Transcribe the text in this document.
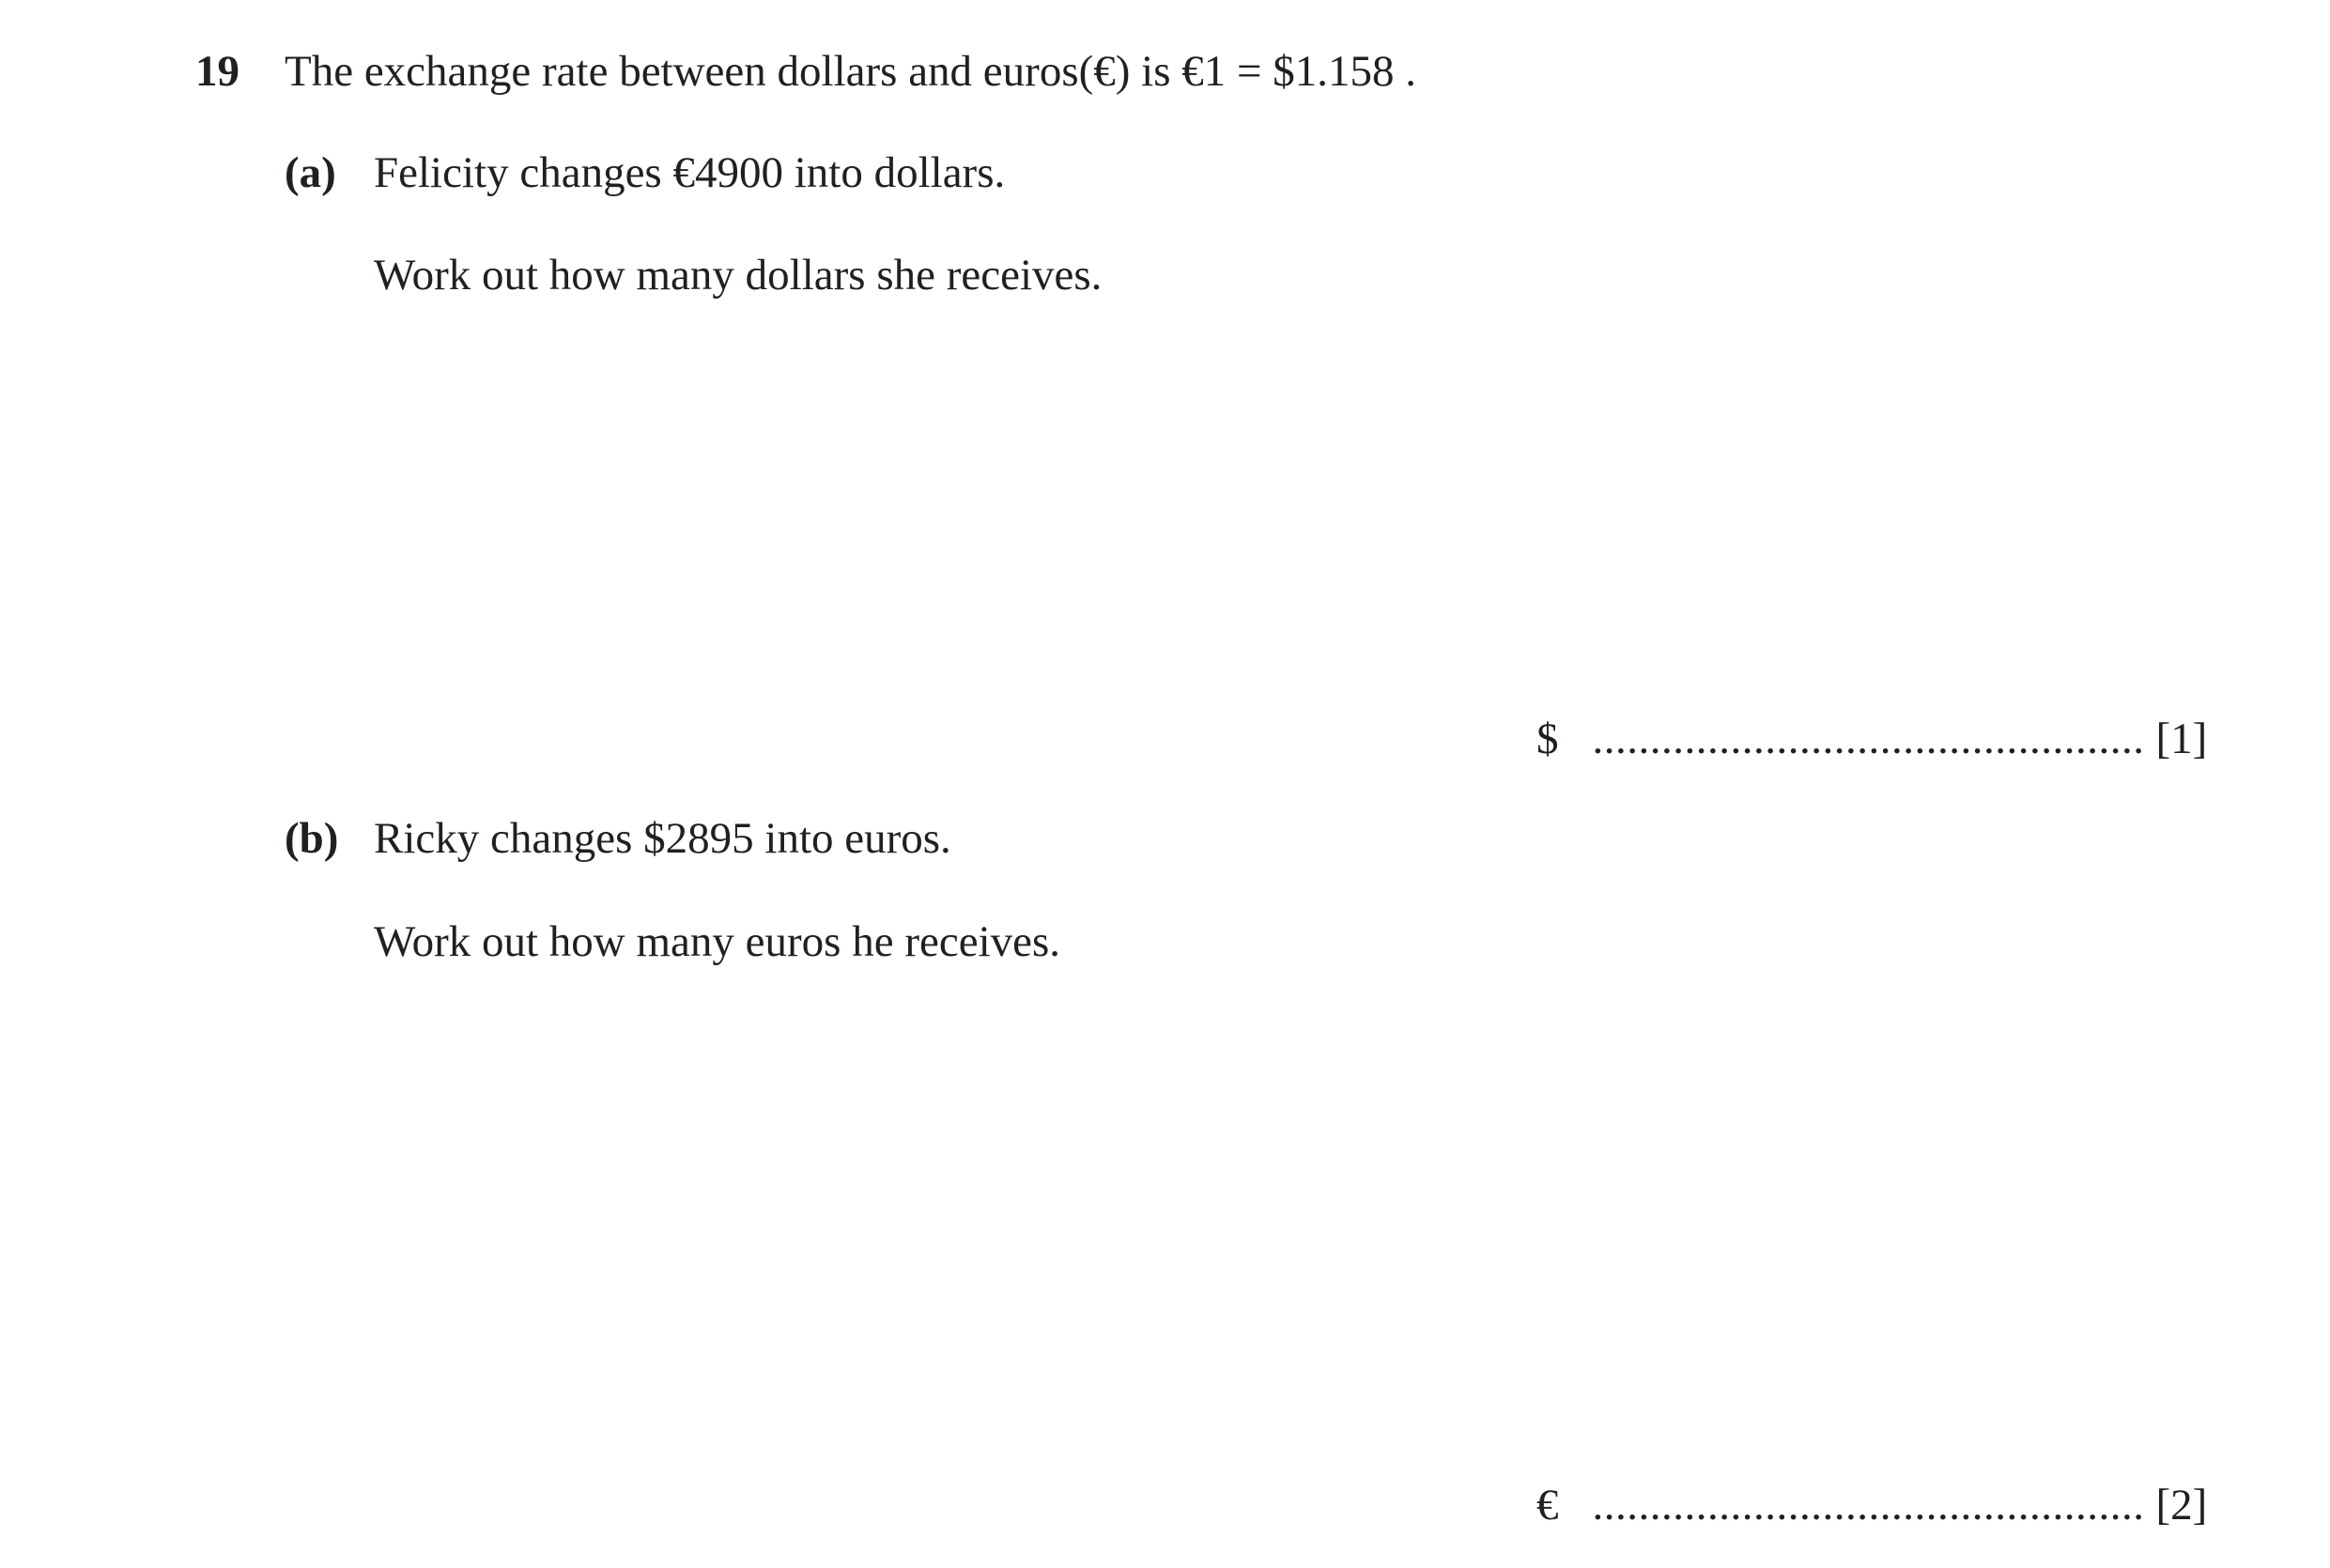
19 The exchange rate between dollars and euros(€) is €1 = $1.158 .
(a) Felicity changes €4900 into dollars.
Work out how many dollars she receives.
$ ................................................ [1]
(b) Ricky changes $2895 into euros.
Work out how many euros he receives.
€ ................................................ [2]
